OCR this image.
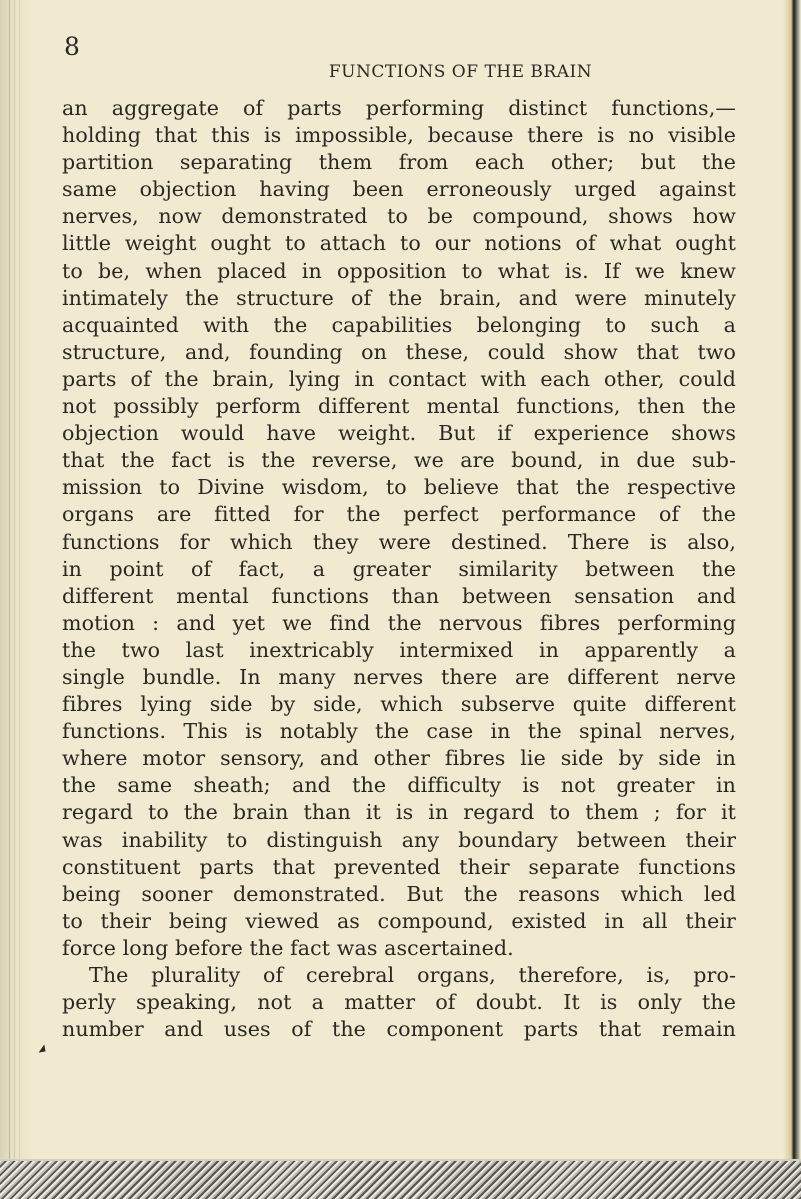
8
FUNCTIONS OF THE BRAIN
an aggregate of parts performing distinct functions,—
holding that this is impossible, because there is no visible
partition separating them from each other; but the
same objection having been erroneously urged against
nerves, now demonstrated to be compound, shows how
little weight ought to attach to our notions of what ought
to be, when placed in opposition to what is. If we knew
intimately the structure of the brain, and were minutely
acquainted with the capabilities belonging to such a
structure, and, founding on these, could show that two
parts of the brain, lying in contact with each other, could
not possibly perform different mental functions, then the
objection would have weight. But if experience shows
that the fact is the reverse, we are bound, in due sub-
mission to Divine wisdom, to believe that the respective
organs are fitted for the perfect performance of the
functions for which they were destined. There is also,
in point of fact, a greater similarity between the
different mental functions than between sensation and
motion : and yet we find the nervous fibres performing
the two last inextricably intermixed in apparently a
single bundle. In many nerves there are different nerve
fibres lying side by side, which subserve quite different
functions. This is notably the case in the spinal nerves,
where motor sensory, and other fibres lie side by side in
the same sheath; and the difficulty is not greater in
regard to the brain than it is in regard to them ; for it
was inability to distinguish any boundary between their
constituent parts that prevented their separate functions
being sooner demonstrated. But the reasons which led
to their being viewed as compound, existed in all their
force long before the fact was ascertained.
The plurality of cerebral organs, therefore, is, pro-
perly speaking, not a matter of doubt. It is only the
number and uses of the component parts that remain
